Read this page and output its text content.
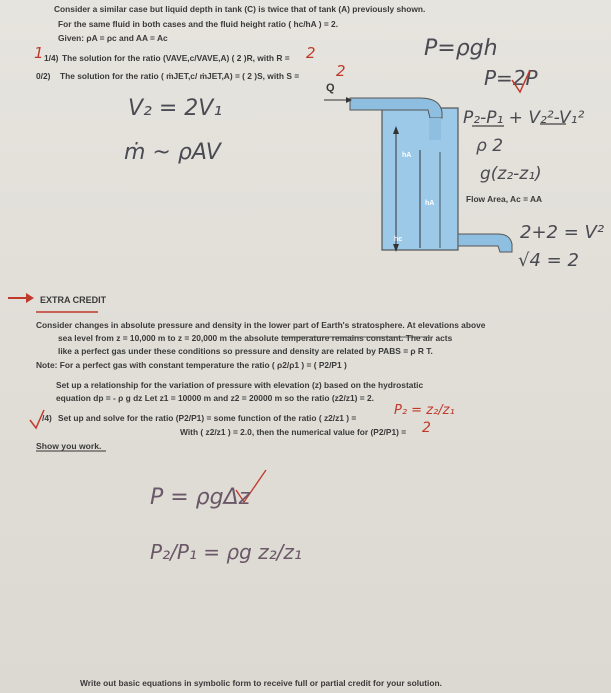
Consider a similar case but liquid depth in tank (C) is twice that of tank (A) previously shown.
For the same fluid in both cases and the fluid height ratio ( hc/hA ) = 2.
Given: ρA = ρc and AA = Ac
1 1/4) The solution for the ratio (VAVE,c/VAVE,A) ( 2 )R, with R = 2
0/2) The solution for the ratio ( ṁJET,c/ ṁJET,A) = ( 2 )S, with S = 2
V₂ = 2V₁
ṁ ~ ρAV
P=ρgh
P=2P
P₂-P₁ + V₂²-V₁²
ρ 2
g(z₂-z₁)
2+2 = V²
√4 = 2
Q
hA
hA
hc
Flow Area, Ac = AA
EXTRA CREDIT
Consider changes in absolute pressure and density in the lower part of Earth's stratosphere. At elevations above
sea level from z = 10,000 m to z = 20,000 m the absolute temperature remains constant. The air acts
like a perfect gas under these conditions so pressure and density are related by PABS = ρ R T.
Note: For a perfect gas with constant temperature the ratio ( ρ2/ρ1 ) = ( P2/P1 )
Set up a relationship for the variation of pressure with elevation (z) based on the hydrostatic
equation dp = - ρ g dz Let z1 = 10000 m and z2 = 20000 m so the ratio (z2/z1) = 2.
/4) Set up and solve for the ratio (P2/P1) = some function of the ratio ( z2/z1 ) =	P₂ = z₂/z₁
With ( z2/z1 ) = 2.0, then the numerical value for (P2/P1) = 2
Show you work.
P = ρgΔz
P₂/P₁ = ρg z₂/z₁
Write out basic equations in symbolic form to receive full or partial credit for your solution.
